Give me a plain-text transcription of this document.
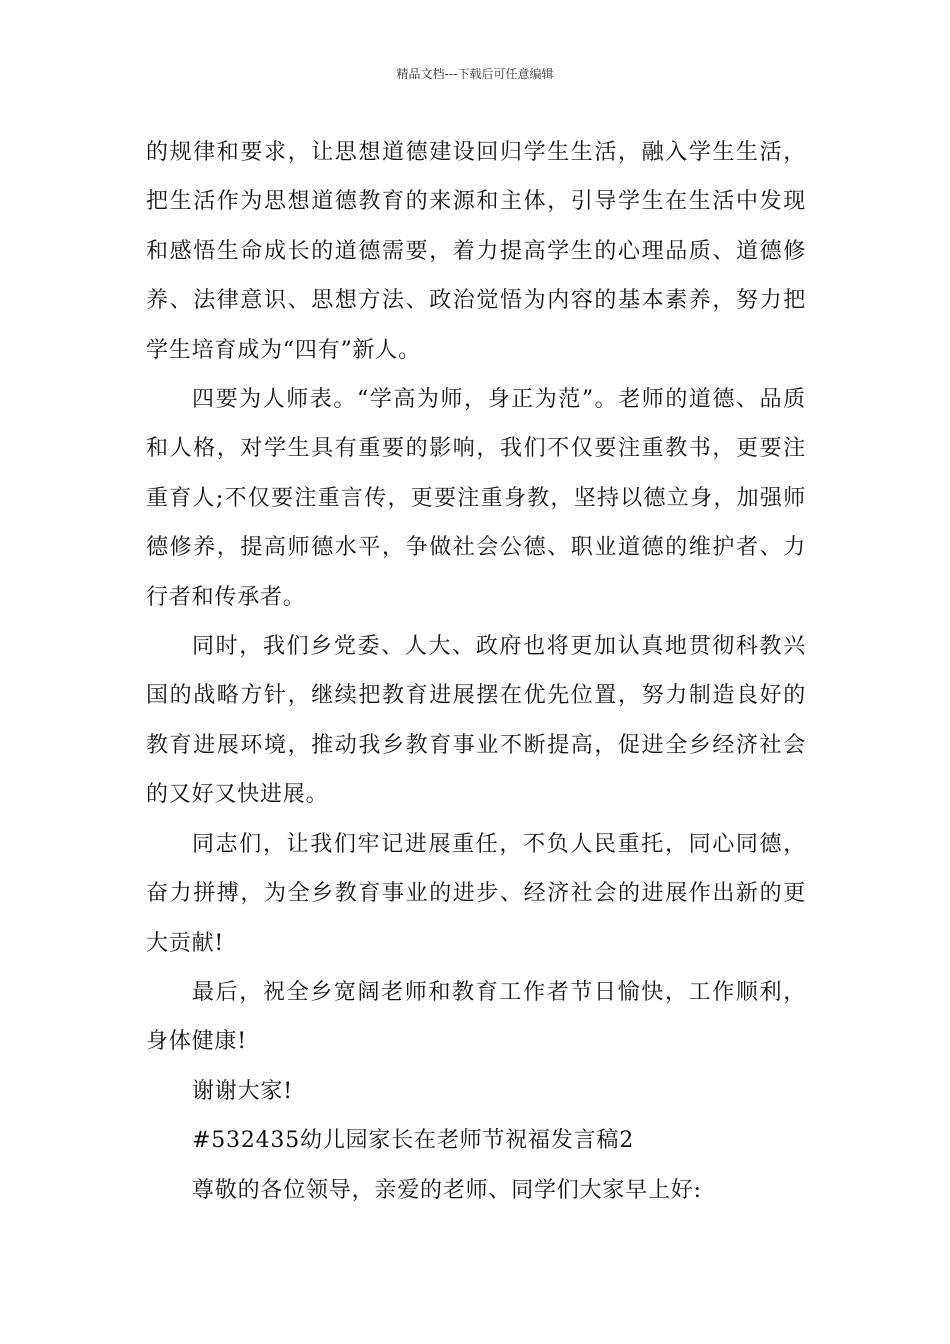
精品文档---下载后可任意编辑

的规律和要求，让思想道德建设回归学生生活，融入学生生活，把生活作为思想道德教育的来源和主体，引导学生在生活中发现和感悟生命成长的道德需要，着力提高学生的心理品质、道德修养、法律意识、思想方法、政治觉悟为内容的基本素养，努力把学生培育成为“四有”新人。

四要为人师表。“学高为师，身正为范”。老师的道德、品质和人格，对学生具有重要的影响，我们不仅要注重教书，更要注重育人;不仅要注重言传，更要注重身教，坚持以德立身，加强师德修养，提高师德水平，争做社会公德、职业道德的维护者、力行者和传承者。

同时，我们乡党委、人大、政府也将更加认真地贯彻科教兴国的战略方针，继续把教育进展摆在优先位置，努力制造良好的教育进展环境，推动我乡教育事业不断提高，促进全乡经济社会的又好又快进展。

同志们，让我们牢记进展重任，不负人民重托，同心同德，奋力拼搏，为全乡教育事业的进步、经济社会的进展作出新的更大贡献!

最后，祝全乡宽阔老师和教育工作者节日愉快，工作顺利，身体健康!

谢谢大家!

#532435幼儿园家长在老师节祝福发言稿2

尊敬的各位领导，亲爱的老师、同学们大家早上好:
